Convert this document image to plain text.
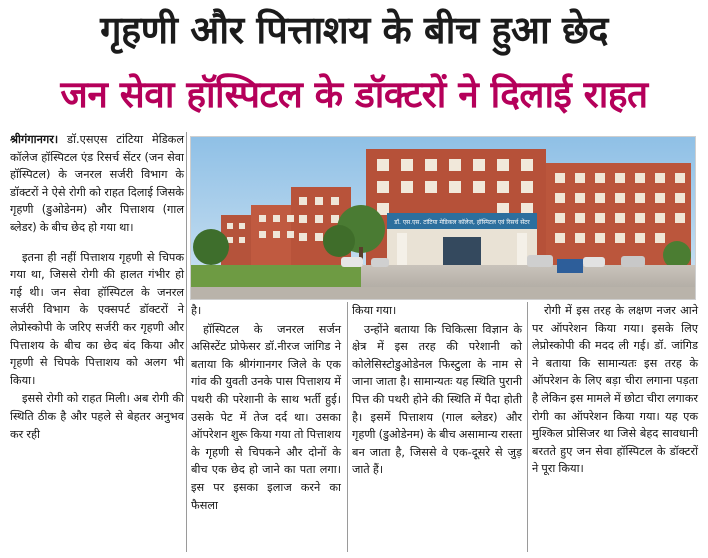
गृहणी और पित्ताशय के बीच हुआ छेद
जन सेवा हॉस्पिटल के डॉक्टरों ने दिलाई राहत

श्रीगंगानगर। डॉ.एसएस टांटिया मेडिकल कॉलेज हॉस्पिटल एंड रिसर्च सेंटर (जन सेवा हॉस्पिटल) के जनरल सर्जरी विभाग के डॉक्टरों ने ऐसे रोगी को राहत दिलाई जिसके गृहणी (डुओडेनम) और पित्ताशय (गाल ब्लेडर) के बीच छेद हो गया था।

इतना ही नहीं पित्ताशय गृहणी से चिपक गया था, जिससे रोगी की हालत गंभीर हो गई थी। जन सेवा हॉस्पिटल के जनरल सर्जरी विभाग के एक्सपर्ट डॉक्टरों ने लेप्रोस्कोपी के जरिए सर्जरी कर गृहणी और पित्ताशय के बीच का छेद बंद किया और गृहणी से चिपके पित्ताशय को अलग भी किया।

इससे रोगी को राहत मिली। अब रोगी की स्थिति ठीक है और पहले से बेहतर अनुभव कर रही

डॉ. एस.एस. टांटिया मेडिकल कॉलेज, हॉस्पिटल एवं रिसर्च सेंटर

है।

हॉस्पिटल के जनरल सर्जन असिस्टेंट प्रोफेसर डॉ.नीरज जांगिड ने बताया कि श्रीगंगानगर जिले के एक गांव की युवती उनके पास पित्ताशय में पथरी की परेशानी के साथ भर्ती हुई। उसके पेट में तेज दर्द था। उसका ऑपरेशन शुरू किया गया तो पित्ताशय के गृहणी से चिपकने और दोनों के बीच एक छेद हो जाने का पता लगा। इस पर इसका इलाज करने का फैसला

किया गया।

उन्होंने बताया कि चिकित्सा विज्ञान के क्षेत्र में इस तरह की परेशानी को कोलेसिस्टोडुओडेनल फिस्टुला के नाम से जाना जाता है। सामान्यतः यह स्थिति पुरानी पित्त की पथरी होने की स्थिति में पैदा होती है। इसमें पित्ताशय (गाल ब्लेडर) और गृहणी (डुओडेनम) के बीच असामान्य रास्ता बन जाता है, जिससे वे एक-दूसरे से जुड़ जाते हैं।

रोगी में इस तरह के लक्षण नजर आने पर ऑपरेशन किया गया। इसके लिए लेप्रोस्कोपी की मदद ली गई। डॉ. जांगिड ने बताया कि सामान्यतः इस तरह के ऑपरेशन के लिए बड़ा चीरा लगाना पड़ता है लेकिन इस मामले में छोटा चीरा लगाकर रोगी का ऑपरेशन किया गया। यह एक मुश्किल प्रोसिजर था जिसे बेहद सावधानी बरतते हुए जन सेवा हॉस्पिटल के डॉक्टरों ने पूरा किया।
